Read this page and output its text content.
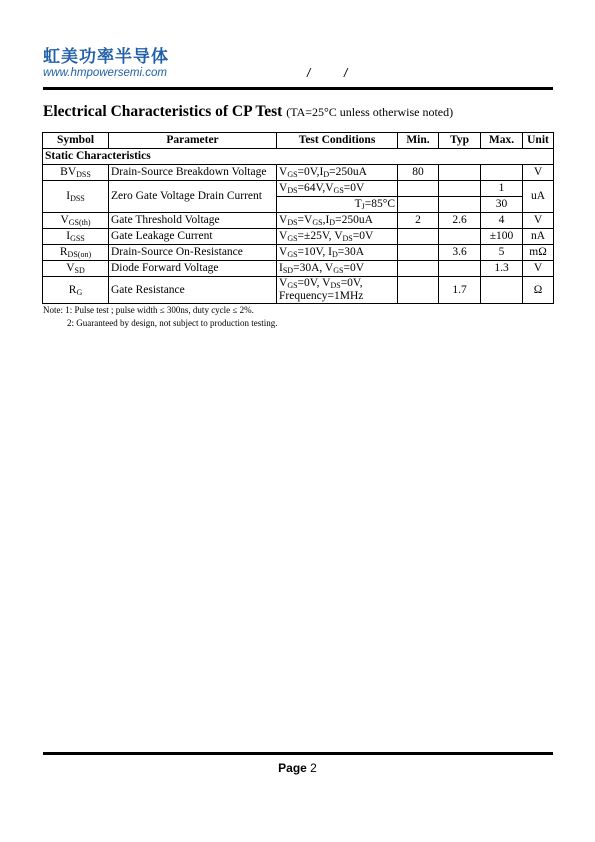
虹美功率半导体
www.hmpowersemi.com	/	/
Electrical Characteristics of CP Test (TA=25°C unless otherwise noted)
Symbol	Parameter	Test Conditions	Min.	Typ	Max.	Unit
Static Characteristics						
$BV_{DSS}$	Drain-Source Breakdown Voltage	$V_{GS}=0V,I_D=250uA$	80			V
$I_{DSS}$	Zero Gate Voltage Drain Current	$V_{DS}=64V,V_{GS}=0V$			1	uA
		$T_J=85^\circ C$			30	
$V_{GS(th)}$	Gate Threshold Voltage	$V_{DS}=V_{GS},I_D=250uA$	2	2.6	4	V
$I_{GSS}$	Gate Leakage Current	$V_{GS}=\pm 25V$, $V_{DS}=0V$			±100	nA
$R_{DS(on)}$	Drain-Source On-Resistance	$V_{GS}=10V$, $I_D=30A$		3.6	5	mΩ
$V_{SD}$	Diode Forward Voltage	$I_{SD}=30A$, $V_{GS}=0V$			1.3	V
$R_G$	Gate Resistance	$V_{GS}=0V$, $V_{DS}=0V$,
Frequency=1MHz		1.7		Ω
Note: 1: Pulse test ; pulse width ≤ 300ns, duty cycle ≤ 2%.
2: Guaranteed by design, not subject to production testing.
Page 2
